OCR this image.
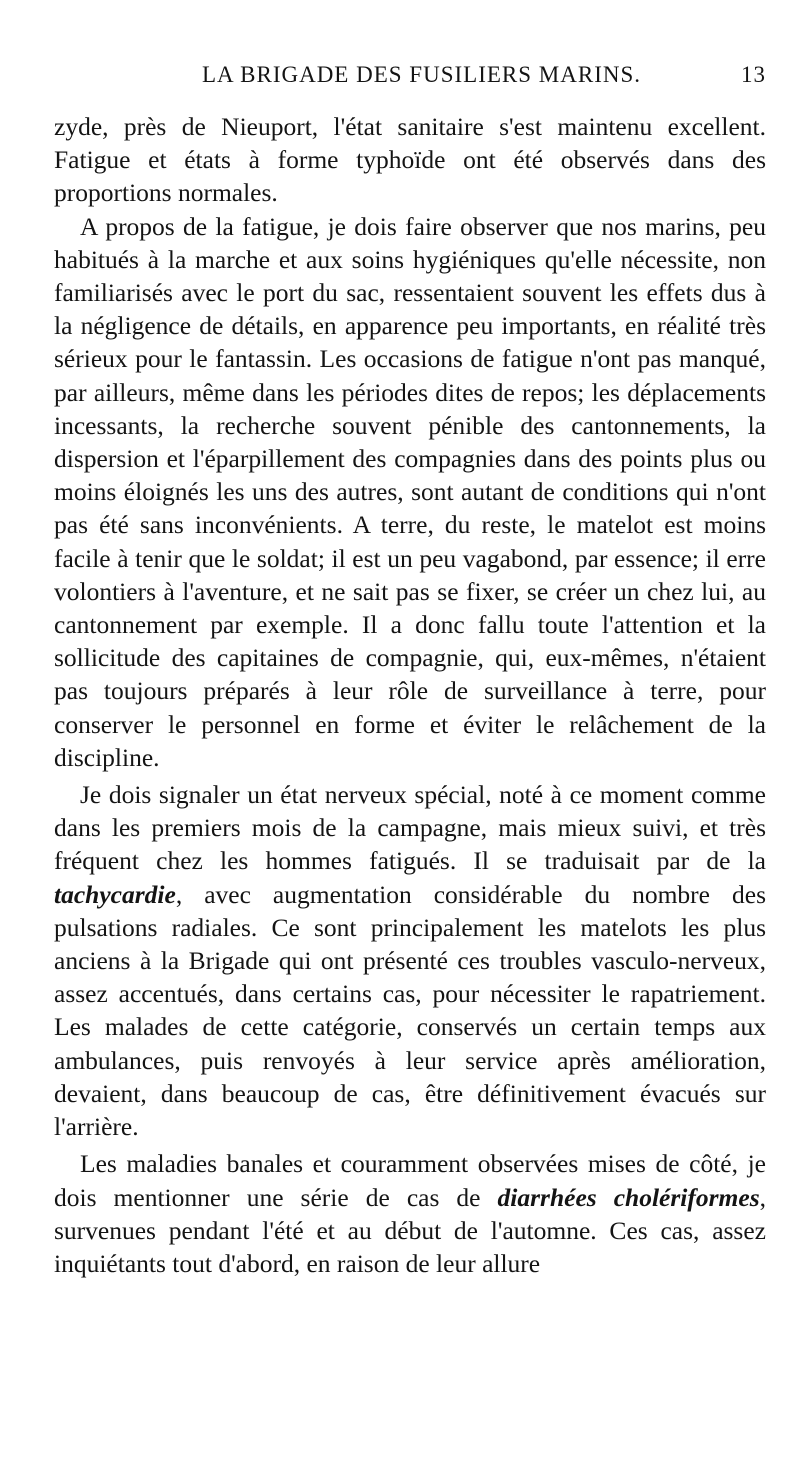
LA BRIGADE DES FUSILIERS MARINS.	13

zyde, près de Nieuport, l'état sanitaire s'est maintenu excellent. Fatigue et états à forme typhoïde ont été observés dans des proportions normales.

A propos de la fatigue, je dois faire observer que nos marins, peu habitués à la marche et aux soins hygiéniques qu'elle nécessite, non familiarisés avec le port du sac, ressentaient souvent les effets dus à la négligence de détails, en apparence peu importants, en réalité très sérieux pour le fantassin. Les occasions de fatigue n'ont pas manqué, par ailleurs, même dans les périodes dites de repos; les déplacements incessants, la recherche souvent pénible des cantonnements, la dispersion et l'éparpillement des compagnies dans des points plus ou moins éloignés les uns des autres, sont autant de conditions qui n'ont pas été sans inconvénients. A terre, du reste, le matelot est moins facile à tenir que le soldat; il est un peu vagabond, par essence; il erre volontiers à l'aventure, et ne sait pas se fixer, se créer un chez lui, au cantonnement par exemple. Il a donc fallu toute l'attention et la sollicitude des capitaines de compagnie, qui, eux-mêmes, n'étaient pas toujours préparés à leur rôle de surveillance à terre, pour conserver le personnel en forme et éviter le relâchement de la discipline.

Je dois signaler un état nerveux spécial, noté à ce moment comme dans les premiers mois de la campagne, mais mieux suivi, et très fréquent chez les hommes fatigués. Il se traduisait par de la tachycardie, avec augmentation considérable du nombre des pulsations radiales. Ce sont principalement les matelots les plus anciens à la Brigade qui ont présenté ces troubles vasculo-nerveux, assez accentués, dans certains cas, pour nécessiter le rapatriement. Les malades de cette catégorie, conservés un certain temps aux ambulances, puis renvoyés à leur service après amélioration, devaient, dans beaucoup de cas, être définitivement évacués sur l'arrière.

Les maladies banales et couramment observées mises de côté, je dois mentionner une série de cas de diarrhées cholériformes, survenues pendant l'été et au début de l'automne. Ces cas, assez inquiétants tout d'abord, en raison de leur allure
